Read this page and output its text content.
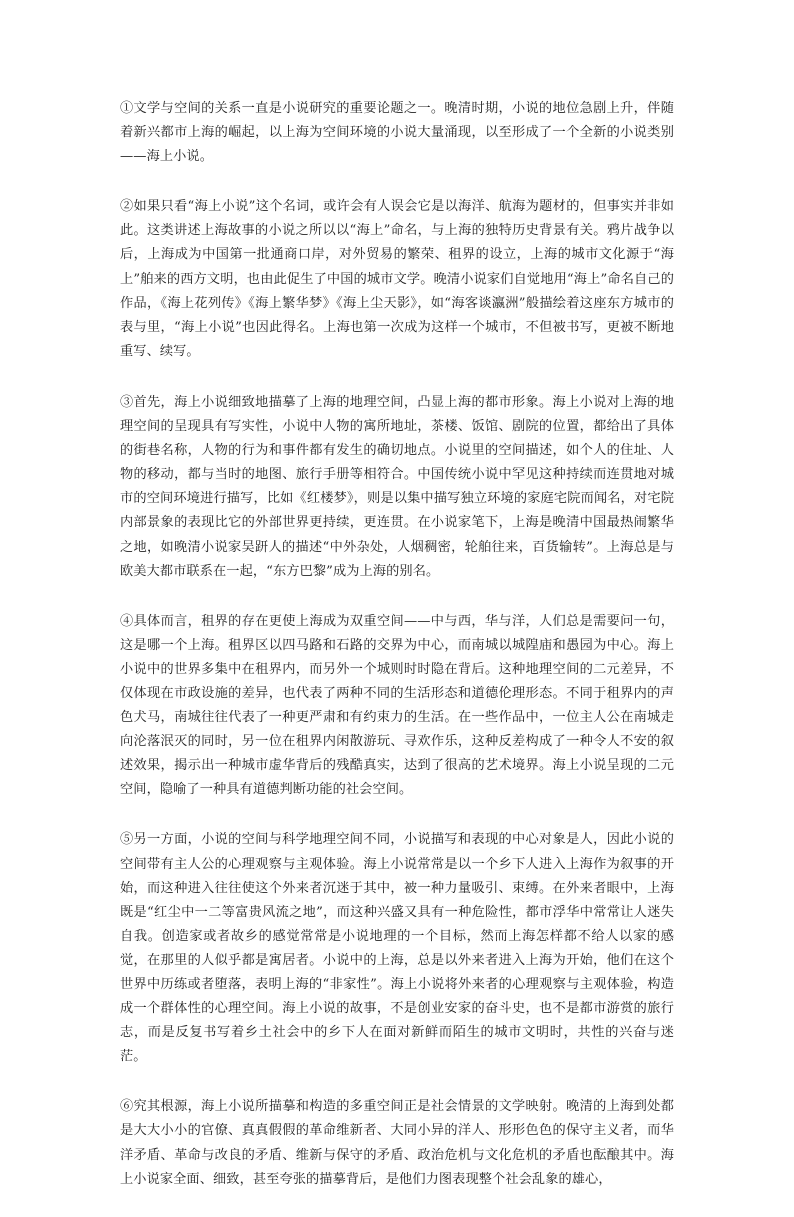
①文学与空间的关系一直是小说研究的重要论题之一。晚清时期，小说的地位急剧上升，伴随着新兴都市上海的崛起，以上海为空间环境的小说大量涌现，以至形成了一个全新的小说类别——海上小说。

②如果只看“海上小说”这个名词，或许会有人误会它是以海洋、航海为题材的，但事实并非如此。这类讲述上海故事的小说之所以以“海上”命名，与上海的独特历史背景有关。鸦片战争以后，上海成为中国第一批通商口岸，对外贸易的繁荣、租界的设立，上海的城市文化源于“海上”舶来的西方文明，也由此促生了中国的城市文学。晚清小说家们自觉地用“海上”命名自己的作品，《海上花列传》《海上繁华梦》《海上尘天影》，如“海客谈瀛洲”般描绘着这座东方城市的表与里，“海上小说”也因此得名。上海也第一次成为这样一个城市，不但被书写，更被不断地重写、续写。

③首先，海上小说细致地描摹了上海的地理空间，凸显上海的都市形象。海上小说对上海的地理空间的呈现具有写实性，小说中人物的寓所地址，茶楼、饭馆、剧院的位置，都给出了具体的街巷名称，人物的行为和事件都有发生的确切地点。小说里的空间描述，如个人的住址、人物的移动，都与当时的地图、旅行手册等相符合。中国传统小说中罕见这种持续而连贯地对城市的空间环境进行描写，比如《红楼梦》，则是以集中描写独立环境的家庭宅院而闻名，对宅院内部景象的表现比它的外部世界更持续，更连贯。在小说家笔下，上海是晚清中国最热闹繁华之地，如晚清小说家吴趼人的描述“中外杂处，人烟稠密，轮舶往来，百货输转”。上海总是与欧美大都市联系在一起，“东方巴黎”成为上海的别名。

④具体而言，租界的存在更使上海成为双重空间——中与西，华与洋，人们总是需要问一句，这是哪一个上海。租界区以四马路和石路的交界为中心，而南城以城隍庙和愚园为中心。海上小说中的世界多集中在租界内，而另外一个城则时时隐在背后。这种地理空间的二元差异，不仅体现在市政设施的差异，也代表了两种不同的生活形态和道德伦理形态。不同于租界内的声色犬马，南城往往代表了一种更严肃和有约束力的生活。在一些作品中，一位主人公在南城走向沦落泯灭的同时，另一位在租界内闲散游玩、寻欢作乐，这种反差构成了一种令人不安的叙述效果，揭示出一种城市虚华背后的残酷真实，达到了很高的艺术境界。海上小说呈现的二元空间，隐喻了一种具有道德判断功能的社会空间。

⑤另一方面，小说的空间与科学地理空间不同，小说描写和表现的中心对象是人，因此小说的空间带有主人公的心理观察与主观体验。海上小说常常是以一个乡下人进入上海作为叙事的开始，而这种进入往往使这个外来者沉迷于其中，被一种力量吸引、束缚。在外来者眼中，上海既是“红尘中一二等富贵风流之地”，而这种兴盛又具有一种危险性，都市浮华中常常让人迷失自我。创造家或者故乡的感觉常常是小说地理的一个目标，然而上海怎样都不给人以家的感觉，在那里的人似乎都是寓居者。小说中的上海，总是以外来者进入上海为开始，他们在这个世界中历练或者堕落，表明上海的“非家性”。海上小说将外来者的心理观察与主观体验，构造成一个群体性的心理空间。海上小说的故事，不是创业安家的奋斗史，也不是都市游赏的旅行志，而是反复书写着乡土社会中的乡下人在面对新鲜而陌生的城市文明时，共性的兴奋与迷茫。

⑥究其根源，海上小说所描摹和构造的多重空间正是社会情景的文学映射。晚清的上海到处都是大大小小的官僚、真真假假的革命维新者、大同小异的洋人、形形色色的保守主义者，而华洋矛盾、革命与改良的矛盾、维新与保守的矛盾、政治危机与文化危机的矛盾也酝酿其中。海上小说家全面、细致，甚至夸张的描摹背后，是他们力图表现整个社会乱象的雄心，
